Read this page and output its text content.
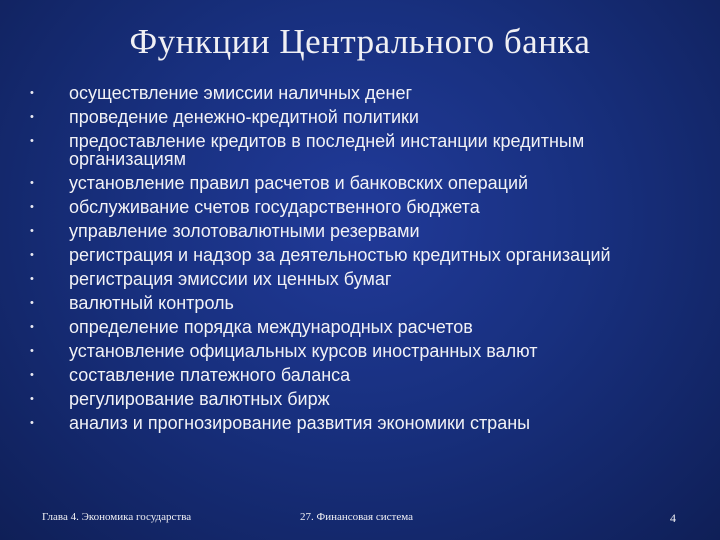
Функции Центрального банка
• осуществление эмиссии наличных денег
• проведение денежно-кредитной политики
• предоставление кредитов в последней инстанции кредитным организациям
• установление правил расчетов и банковских операций
• обслуживание счетов государственного бюджета
• управление золотовалютными резервами
• регистрация и надзор за деятельностью кредитных организаций
• регистрация эмиссии их ценных бумаг
• валютный контроль
• определение порядка международных расчетов
• установление официальных курсов иностранных валют
• составление платежного баланса
• регулирование валютных бирж
• анализ и прогнозирование развития экономики страны
Глава 4. Экономика государства	27. Финансовая система	4
